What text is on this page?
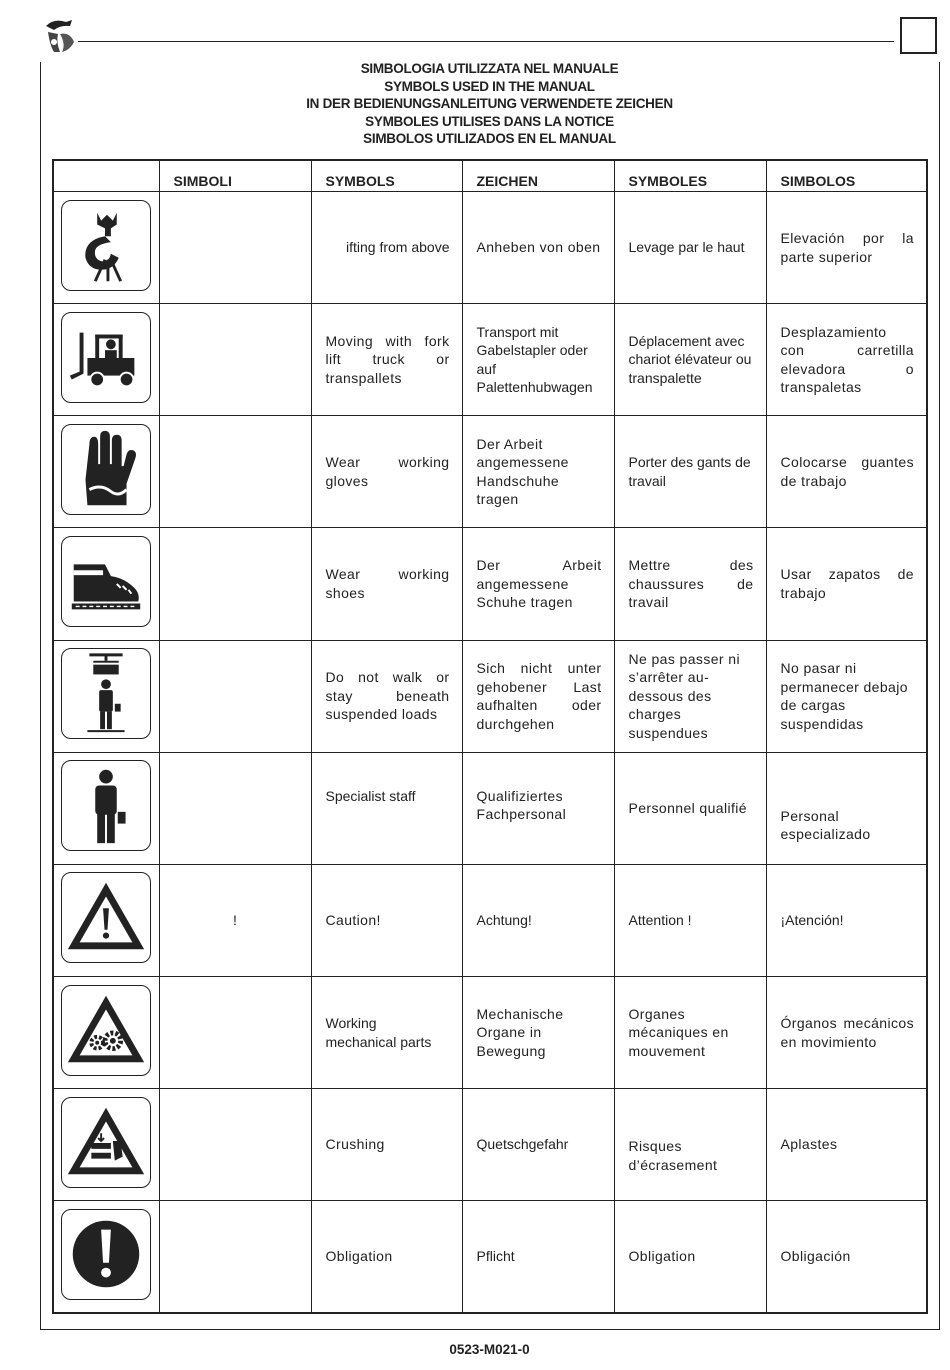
SIMBOLOGIA UTILIZZATA NEL MANUALE
SYMBOLS USED IN THE MANUAL
IN DER BEDIENUNGSANLEITUNG VERWENDETE ZEICHEN
SYMBOLES UTILISES DANS LA NOTICE
SIMBOLOS UTILIZADOS EN EL MANUAL
	SIMBOLI	SYMBOLS	ZEICHEN	SYMBOLES	SIMBOLOS

		ifting from above	Anheben von oben	Levage par le haut	Elevación por la parte superior

		Moving with fork lift truck or transpallets	Transport mit Gabelstapler oder auf Palettenhubwagen	Déplacement avec chariot élévateur ou transpalette	Desplazamiento con carretilla elevadora o transpaletas

		Wear working gloves	Der Arbeit angemessene Handschuhe tragen	Porter des gants de travail	Colocarse guantes de trabajo

		Wear working shoes	Der Arbeit angemessene Schuhe tragen	Mettre des chaussures de travail	Usar zapatos de trabajo

		Do not walk or stay beneath suspended loads	Sich nicht unter gehobener Last aufhalten oder durchgehen	Ne pas passer ni s’arrêter au-dessous des charges suspendues	No pasar ni permanecer debajo de cargas suspendidas

		Specialist staff	Qualifiziertes Fachpersonal	Personnel qualifié	Personal especializado

	!	Caution!	Achtung!	Attention !	¡Atención!

		Working mechanical parts	Mechanische Organe in Bewegung	Organes mécaniques en mouvement	Órganos mecánicos en movimiento

		Crushing	Quetschgefahr	Risques d’écrasement	Aplastes

		Obligation	Pflicht	Obligation	Obligación
0523-M021-0
